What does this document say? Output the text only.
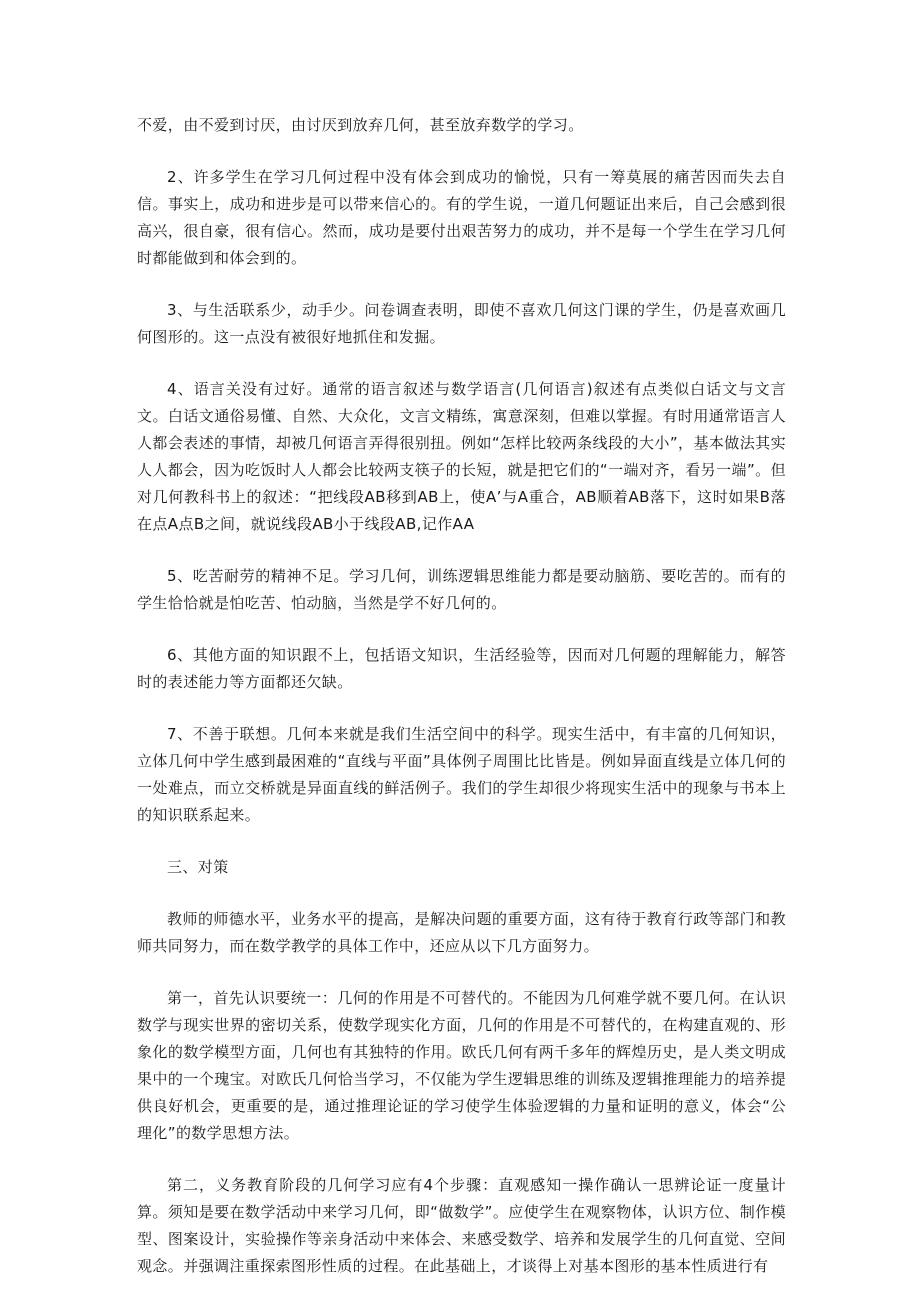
不爱，由不爱到讨厌，由讨厌到放弃几何，甚至放弃数学的学习。

2、许多学生在学习几何过程中没有体会到成功的愉悦，只有一筹莫展的痛苦因而失去自信。事实上，成功和进步是可以带来信心的。有的学生说，一道几何题证出来后，自己会感到很高兴，很自豪，很有信心。然而，成功是要付出艰苦努力的成功，并不是每一个学生在学习几何时都能做到和体会到的。

3、与生活联系少，动手少。问卷调查表明，即使不喜欢几何这门课的学生，仍是喜欢画几何图形的。这一点没有被很好地抓住和发掘。

4、语言关没有过好。通常的语言叙述与数学语言(几何语言)叙述有点类似白话文与文言文。白话文通俗易懂、自然、大众化，文言文精练，寓意深刻，但难以掌握。有时用通常语言人人都会表述的事情，却被几何语言弄得很别扭。例如“怎样比较两条线段的大小”，基本做法其实人人都会，因为吃饭时人人都会比较两支筷子的长短，就是把它们的“一端对齐，看另一端”。但对几何教科书上的叙述：“把线段AB移到AB上，使A’与A重合，AB顺着AB落下，这时如果B落在点A点B之间，就说线段AB小于线段AB,记作AA

5、吃苦耐劳的精神不足。学习几何，训练逻辑思维能力都是要动脑筋、要吃苦的。而有的学生恰恰就是怕吃苦、怕动脑，当然是学不好几何的。

6、其他方面的知识跟不上，包括语文知识，生活经验等，因而对几何题的理解能力，解答时的表述能力等方面都还欠缺。

7、不善于联想。几何本来就是我们生活空间中的科学。现实生活中，有丰富的几何知识，立体几何中学生感到最困难的“直线与平面”具体例子周围比比皆是。例如异面直线是立体几何的一处难点，而立交桥就是异面直线的鲜活例子。我们的学生却很少将现实生活中的现象与书本上的知识联系起来。

三、对策

教师的师德水平，业务水平的提高，是解决问题的重要方面，这有待于教育行政等部门和教师共同努力，而在数学教学的具体工作中，还应从以下几方面努力。

第一，首先认识要统一：几何的作用是不可替代的。不能因为几何难学就不要几何。在认识数学与现实世界的密切关系，使数学现实化方面，几何的作用是不可替代的，在构建直观的、形象化的数学模型方面，几何也有其独特的作用。欧氏几何有两千多年的辉煌历史，是人类文明成果中的一个瑰宝。对欧氏几何恰当学习，不仅能为学生逻辑思维的训练及逻辑推理能力的培养提供良好机会，更重要的是，通过推理论证的学习使学生体验逻辑的力量和证明的意义，体会“公理化”的数学思想方法。

第二，义务教育阶段的几何学习应有4个步骤：直观感知一操作确认一思辨论证一度量计算。须知是要在数学活动中来学习几何，即“做数学”。应使学生在观察物体，认识方位、制作模型、图案设计，实验操作等亲身活动中来体会、来感受数学、培养和发展学生的几何直觉、空间观念。并强调注重探索图形性质的过程。在此基础上，才谈得上对基本图形的基本性质进行有
